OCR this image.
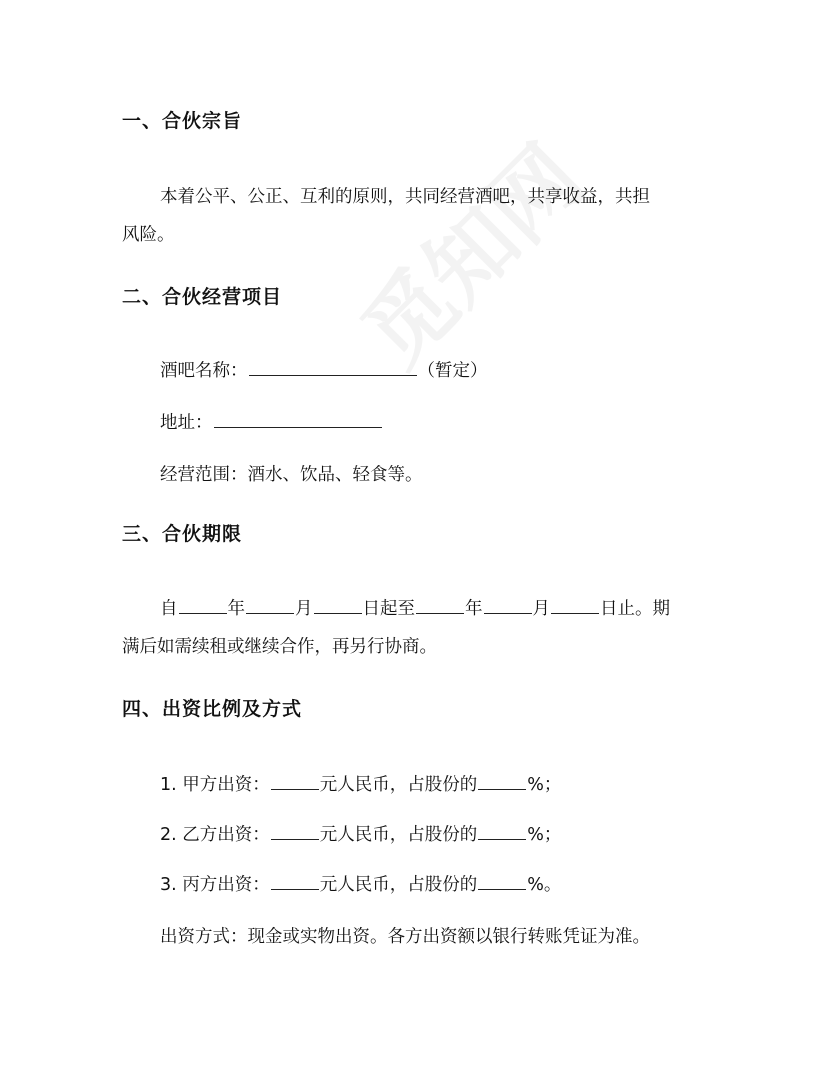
一、合伙宗旨

本着公平、公正、互利的原则，共同经营酒吧，共享收益，共担

风险。

二、合伙经营项目

酒吧名称：	（暂定）

地址：

经营范围：酒水、饮品、轻食等。

三、合伙期限

自	年	月	日起至	年	月	日止。期

满后如需续租或继续合作，再另行协商。

四、出资比例及方式

1. 甲方出资：	元人民币，占股份的	%；

2. 乙方出资：	元人民币，占股份的	%；

3. 丙方出资：	元人民币，占股份的	%。

出资方式：现金或实物出资。各方出资额以银行转账凭证为准。
